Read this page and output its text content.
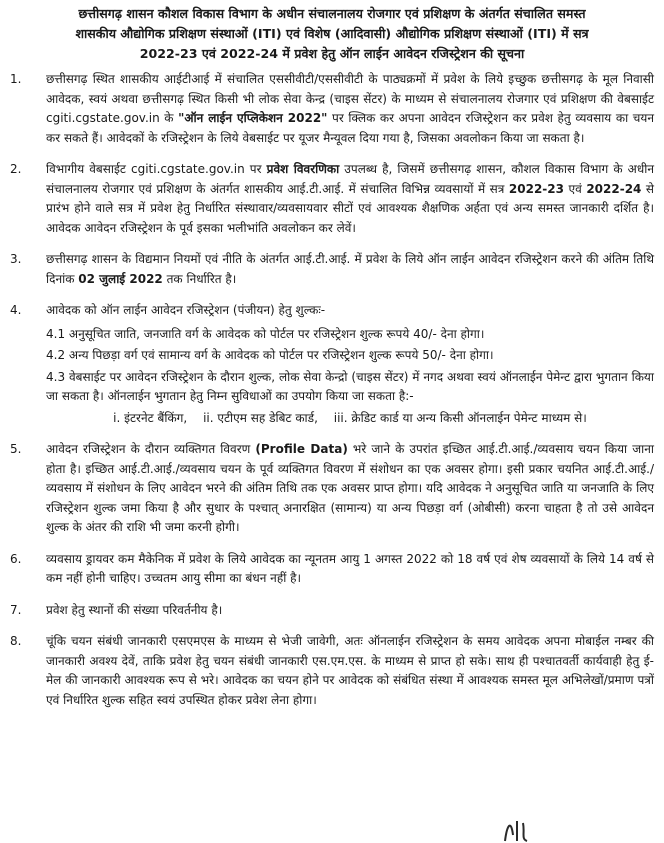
छत्तीसगढ़ शासन कौशल विकास विभाग के अधीन संचालनालय रोजगार एवं प्रशिक्षण के अंतर्गत संचालित समस्त
शासकीय औद्योगिक प्रशिक्षण संस्थाओं (ITI) एवं विशेष (आदिवासी) औद्योगिक प्रशिक्षण संस्थाओं (ITI) में सत्र
2022-23 एवं 2022-24 में प्रवेश हेतु ऑन लाईन आवेदन रजिस्ट्रेशन की सूचना
1.	छत्तीसगढ़ स्थित शासकीय आईटीआई में संचालित एससीवीटी/एससीवीटी के पाठ्यक्रमों में प्रवेश के लिये इच्छुक छत्तीसगढ़ के मूल निवासी आवेदक, स्वयं अथवा छत्तीसगढ़ स्थित किसी भी लोक सेवा केन्द्र (चाइस सेंटर) के माध्यम से संचालनालय रोजगार एवं प्रशिक्षण की वेबसाईट cgiti.cgstate.gov.in के "ऑन लाईन एप्लिकेशन 2022" पर क्लिक कर अपना आवेदन रजिस्ट्रेशन कर प्रवेश हेतु व्यवसाय का चयन कर सकते हैं। आवेदकों के रजिस्ट्रेशन के लिये वेबसाईट पर यूजर मैन्यूवल दिया गया है, जिसका अवलोकन किया जा सकता है।
2.	विभागीय वेबसाईट cgiti.cgstate.gov.in पर प्रवेश विवरणिका उपलब्ध है, जिसमें छत्तीसगढ़ शासन, कौशल विकास विभाग के अधीन संचालनालय रोजगार एवं प्रशिक्षण के अंतर्गत शासकीय आई.टी.आई. में संचालित विभिन्न व्यवसायों में सत्र 2022-23 एवं 2022-24 से प्रारंभ होने वाले सत्र में प्रवेश हेतु निर्धारित संस्थावार/व्यवसायवार सीटों एवं आवश्यक शैक्षणिक अर्हता एवं अन्य समस्त जानकारी दर्शित है। आवेदक आवेदन रजिस्ट्रेशन के पूर्व इसका भलीभांति अवलोकन कर लेवें।
3.	छत्तीसगढ़ शासन के विद्यमान नियमों एवं नीति के अंतर्गत आई.टी.आई. में प्रवेश के लिये ऑन लाईन आवेदन रजिस्ट्रेशन करने की अंतिम तिथि दिनांक 02 जुलाई 2022 तक निर्धारित है।
4.	आवेदक को ऑन लाईन आवेदन रजिस्ट्रेशन (पंजीयन) हेतु शुल्कः-

4.1 अनुसूचित जाति, जनजाति वर्ग के आवेदक को पोर्टल पर रजिस्ट्रेशन शुल्क रूपये 40/- देना होगा।

4.2 अन्य पिछड़ा वर्ग एवं सामान्य वर्ग के आवेदक को पोर्टल पर रजिस्ट्रेशन शुल्क रूपये 50/- देना होगा।

4.3 वेबसाईट पर आवेदन रजिस्ट्रेशन के दौरान शुल्क, लोक सेवा केन्द्रो (चाइस सेंटर) में नगद अथवा स्वयं ऑनलाईन पेमेन्ट द्वारा भुगतान किया जा सकता है। ऑनलाईन भुगतान हेतु निम्न सुविधाओं का उपयोग किया जा सकता है:-

i. इंटरनेट बैंकिंग, ii. एटीएम सह डेबिट कार्ड, iii. क्रेडिट कार्ड या अन्य किसी ऑनलाईन पेमेन्ट माध्यम से।
5.	आवेदन रजिस्ट्रेशन के दौरान व्यक्तिगत विवरण (Profile Data) भरे जाने के उपरांत इच्छित आई.टी.आई./व्यवसाय चयन किया जाना होता है। इच्छित आई.टी.आई./व्यवसाय चयन के पूर्व व्यक्तिगत विवरण में संशोधन का एक अवसर होगा। इसी प्रकार चयनित आई.टी.आई./व्यवसाय में संशोधन के लिए आवेदन भरने की अंतिम तिथि तक एक अवसर प्राप्त होगा। यदि आवेदक ने अनुसूचित जाति या जनजाति के लिए रजिस्ट्रेशन शुल्क जमा किया है और सुधार के पश्चात् अनारक्षित (सामान्य) या अन्य पिछड़ा वर्ग (ओबीसी) करना चाहता है तो उसे आवेदन शुल्क के अंतर की राशि भी जमा करनी होगी।
6.	व्यवसाय ड्रायवर कम मैकेनिक में प्रवेश के लिये आवेदक का न्यूनतम आयु 1 अगस्त 2022 को 18 वर्ष एवं शेष व्यवसायों के लिये 14 वर्ष से कम नहीं होनी चाहिए। उच्चतम आयु सीमा का बंधन नहीं है।
7.	प्रवेश हेतु स्थानों की संख्या परिवर्तनीय है।
8.	चूंकि चयन संबंधी जानकारी एसएमएस के माध्यम से भेजी जावेगी, अतः ऑनलाईन रजिस्ट्रेशन के समय आवेदक अपना मोबाईल नम्बर की जानकारी अवश्य देवें, ताकि प्रवेश हेतु चयन संबंधी जानकारी एस.एम.एस. के माध्यम से प्राप्त हो सके। साथ ही पश्चातवर्ती कार्यवाही हेतु ई-मेल की जानकारी आवश्यक रूप से भरे। आवेदक का चयन होने पर आवेदक को संबंधित संस्था में आवश्यक समस्त मूल अभिलेखों/प्रमाण पत्रों एवं निर्धारित शुल्क सहित स्वयं उपस्थित होकर प्रवेश लेना होगा।
